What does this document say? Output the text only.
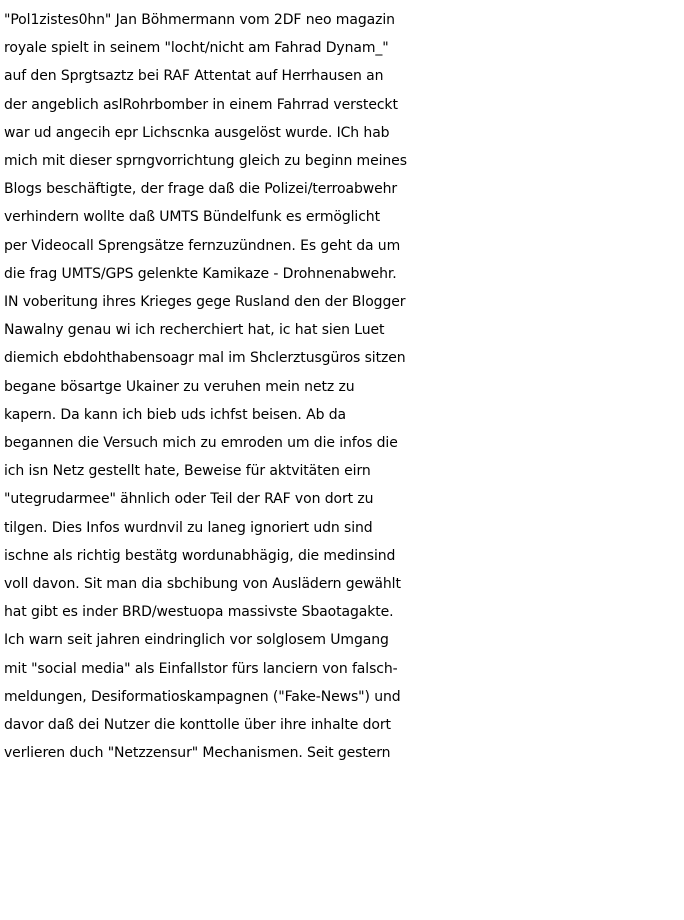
"Pol1zistes0hn" Jan Böhmermann vom 2DF neo magazin
royale spielt in seinem "locht/nicht am Fahrad Dynam_"
auf den Sprgtsaztz bei RAF Attentat auf Herrhausen an
der angeblich aslRohrbomber in einem Fahrrad versteckt
war ud angecih epr Lichscnka ausgelöst wurde. ICh hab
mich mit dieser sprngvorrichtung gleich zu beginn meines
Blogs beschäftigte, der frage daß die Polizei/terroabwehr
verhindern wollte daß UMTS Bündelfunk es ermöglicht
per Videocall Sprengsätze fernzuzündnen. Es geht da um
die frag UMTS/GPS gelenkte Kamikaze - Drohnenabwehr.
IN voberitung ihres Krieges gege Rusland den der Blogger
Nawalny genau wi ich recherchiert hat, ic hat sien Luet
diemich ebdohthabensoagr mal im Shclerztusgüros sitzen
begane bösartge Ukainer zu veruhen mein netz zu
kapern. Da kann ich bieb uds ichfst beisen. Ab da
begannen die Versuch mich zu emroden um die infos die
ich isn Netz gestellt hate, Beweise für aktvitäten eirn
"utegrudarmee" ähnlich oder Teil der RAF von dort zu
tilgen. Dies Infos wurdnvil zu laneg ignoriert udn sind
ischne als richtig bestätg wordunabhägig, die medinsind
voll davon. Sit man dia sbchibung von Auslädern gewählt
hat gibt es inder BRD/westuopa massivste Sbaotagakte.
Ich warn seit jahren eindringlich vor solglosem Umgang
mit "social media" als Einfallstor fürs lanciern von falsch-
meldungen, Desiformatioskampagnen ("Fake-News") und
davor daß dei Nutzer die konttolle über ihre inhalte dort
verlieren duch "Netzzensur" Mechanismen. Seit gestern
